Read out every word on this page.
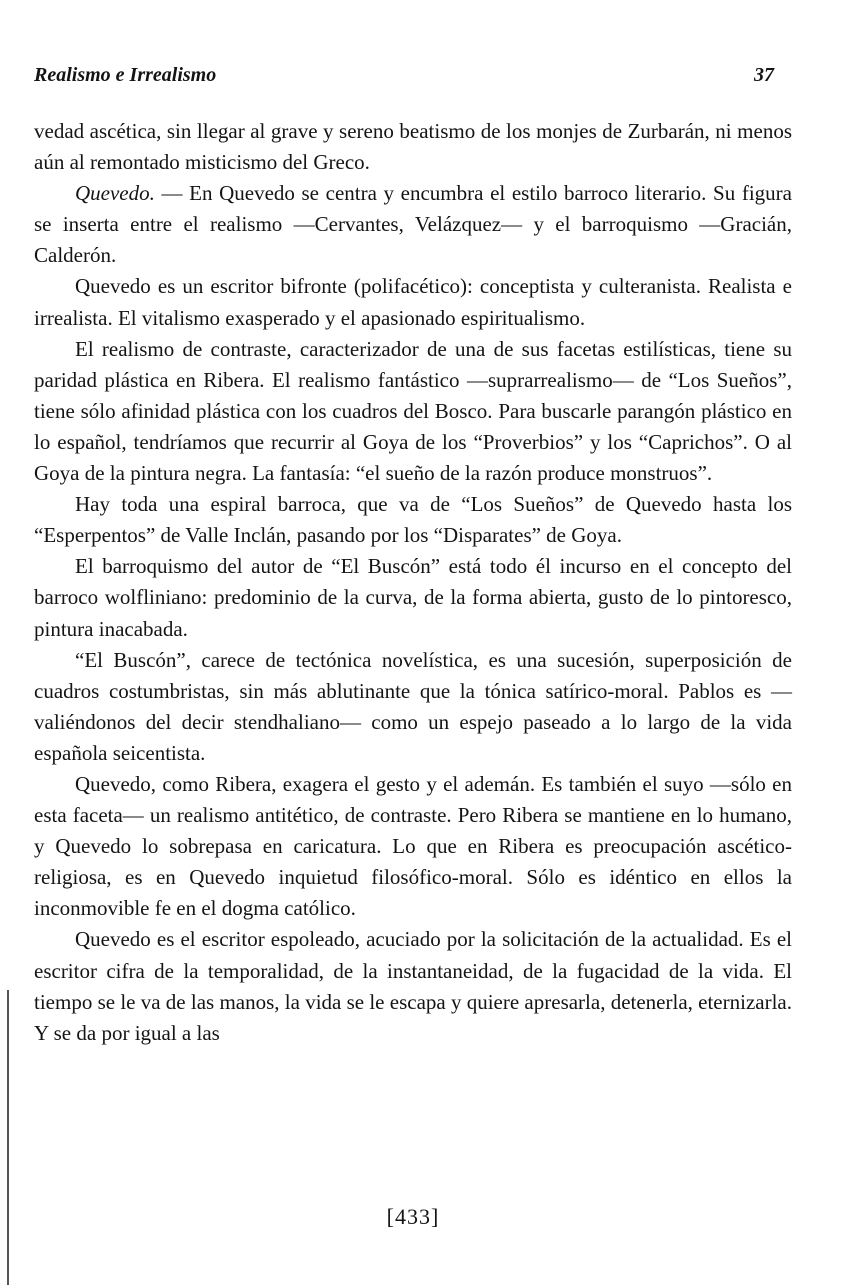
Realismo e Irrealismo	37

vedad ascética, sin llegar al grave y sereno beatismo de los monjes de Zurbarán, ni menos aún al remontado misticismo del Greco.

Quevedo. — En Quevedo se centra y encumbra el estilo barroco literario. Su figura se inserta entre el realismo —Cervantes, Velázquez— y el barroquismo —Gracián, Calderón.

Quevedo es un escritor bifronte (polifacético): conceptista y culteranista. Realista e irrealista. El vitalismo exasperado y el apasionado espiritualismo.

El realismo de contraste, caracterizador de una de sus facetas estilísticas, tiene su paridad plástica en Ribera. El realismo fantástico —suprarrealismo— de “Los Sueños”, tiene sólo afinidad plástica con los cuadros del Bosco. Para buscarle parangón plástico en lo español, tendríamos que recurrir al Goya de los “Proverbios” y los “Caprichos”. O al Goya de la pintura negra. La fantasía: “el sueño de la razón produce monstruos”.

Hay toda una espiral barroca, que va de “Los Sueños” de Quevedo hasta los “Esperpentos” de Valle Inclán, pasando por los “Disparates” de Goya.

El barroquismo del autor de “El Buscón” está todo él incurso en el concepto del barroco wolfliniano: predominio de la curva, de la forma abierta, gusto de lo pintoresco, pintura inacabada.

“El Buscón”, carece de tectónica novelística, es una sucesión, superposición de cuadros costumbristas, sin más ablutinante que la tónica satírico-moral. Pablos es —valiéndonos del decir stendhaliano— como un espejo paseado a lo largo de la vida española seicentista.

Quevedo, como Ribera, exagera el gesto y el ademán. Es también el suyo —sólo en esta faceta— un realismo antitético, de contraste. Pero Ribera se mantiene en lo humano, y Quevedo lo sobrepasa en caricatura. Lo que en Ribera es preocupación ascético-religiosa, es en Quevedo inquietud filosófico-moral. Sólo es idéntico en ellos la inconmovible fe en el dogma católico.

Quevedo es el escritor espoleado, acuciado por la solicitación de la actualidad. Es el escritor cifra de la temporalidad, de la instantaneidad, de la fugacidad de la vida. El tiempo se le va de las manos, la vida se le escapa y quiere apresarla, detenerla, eternizarla. Y se da por igual a las

[433]
